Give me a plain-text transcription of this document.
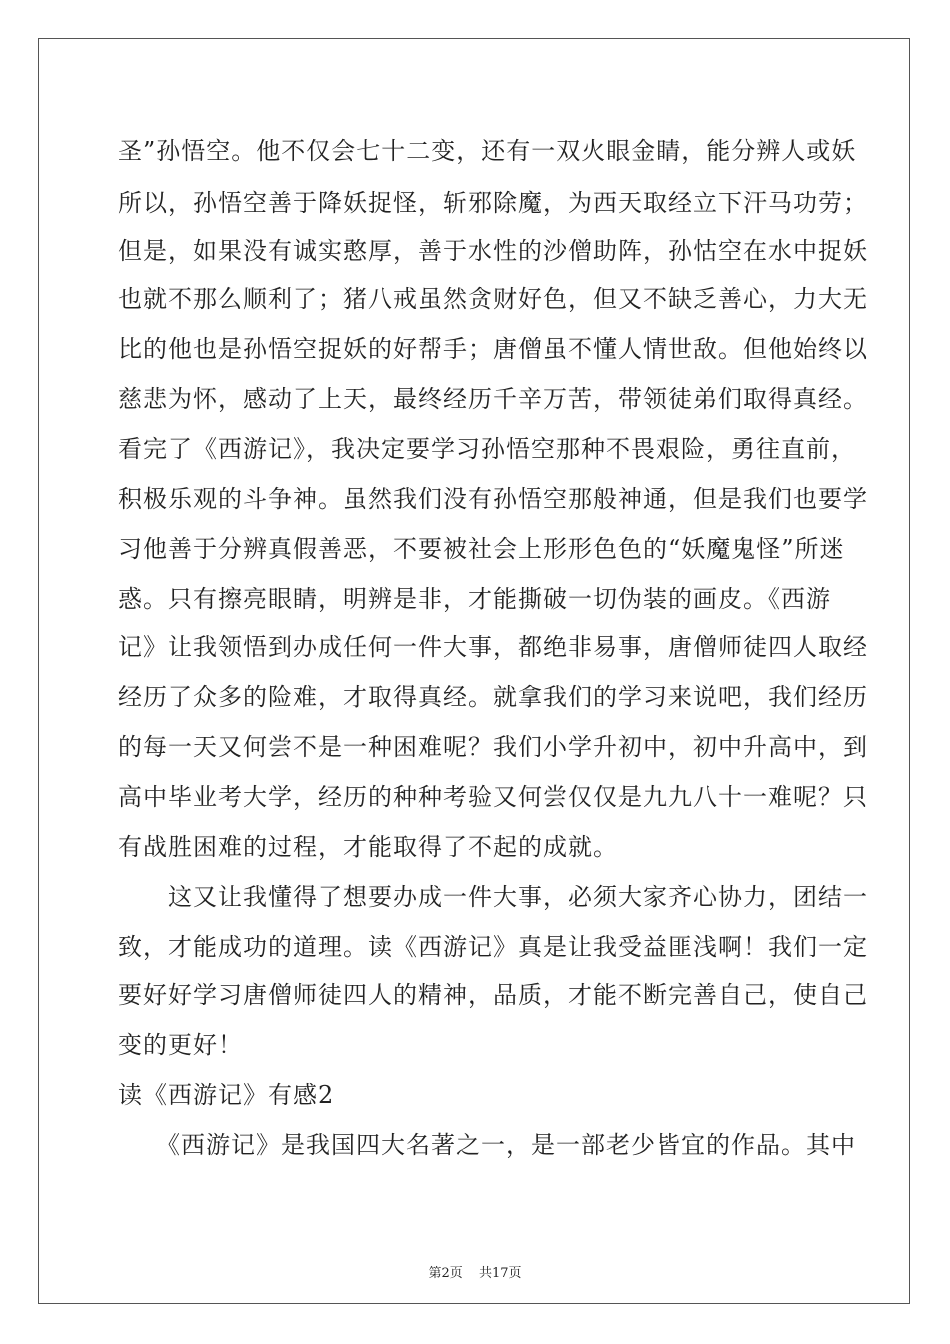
圣”孙悟空。他不仅会七十二变，还有一双火眼金睛，能分辨人或妖
所以，孙悟空善于降妖捉怪，斩邪除魔，为西天取经立下汗马功劳；
但是，如果没有诚实憨厚，善于水性的沙僧助阵，孙怙空在水中捉妖
也就不那么顺利了；猪八戒虽然贪财好色，但又不缺乏善心，力大无
比的他也是孙悟空捉妖的好帮手；唐僧虽不懂人情世敌。但他始终以
慈悲为怀，感动了上天，最终经历千辛万苦，带领徒弟们取得真经。
看完了《西游记》，我决定要学习孙悟空那种不畏艰险，勇往直前，
积极乐观的斗争神。虽然我们没有孙悟空那般神通，但是我们也要学
习他善于分辨真假善恶，不要被社会上形形色色的“妖魔鬼怪”所迷
惑。只有擦亮眼睛，明辨是非，才能撕破一切伪装的画皮。《西游
记》让我领悟到办成任何一件大事，都绝非易事，唐僧师徒四人取经
经历了众多的险难，才取得真经。就拿我们的学习来说吧，我们经历
的每一天又何尝不是一种困难呢？我们小学升初中，初中升高中，到
高中毕业考大学，经历的种种考验又何尝仅仅是九九八十一难呢？只
有战胜困难的过程，才能取得了不起的成就。
　　这又让我懂得了想要办成一件大事，必须大家齐心协力，团结一
致，才能成功的道理。读《西游记》真是让我受益匪浅啊！我们一定
要好好学习唐僧师徒四人的精神，品质，才能不断完善自己，使自己
变的更好！
读《西游记》有感2
　　《西游记》是我国四大名著之一，是一部老少皆宜的作品。其中
第2页 共17页
